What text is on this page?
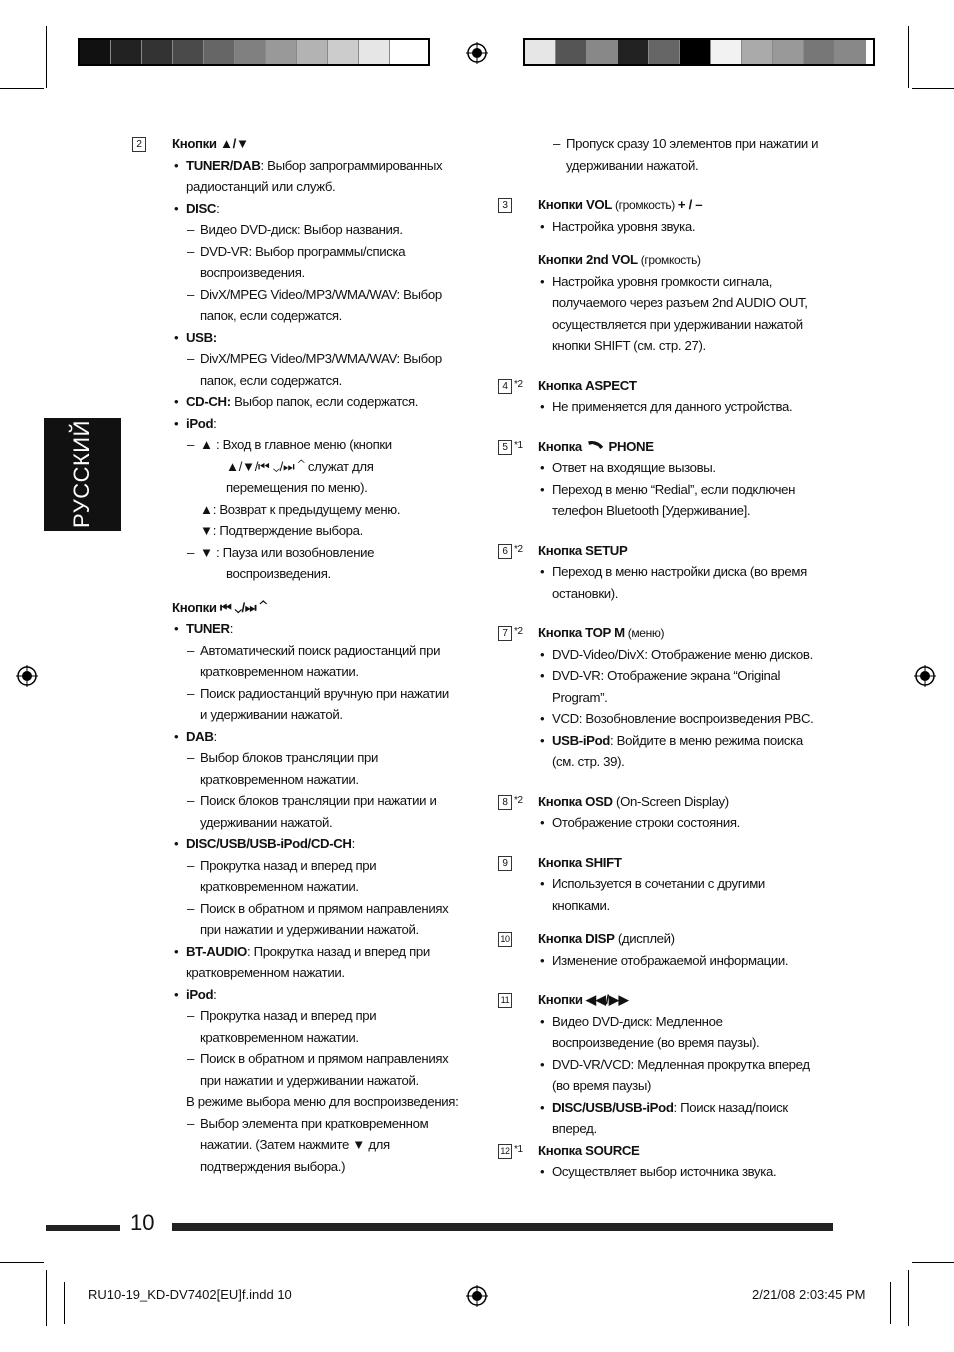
РУССКИЙ
2	Кнопки ▲/▼
• TUNER/DAB: Выбор запрограммированных
радиостанций или служб.
• DISC:
– Видео DVD-диск: Выбор названия.
– DVD-VR: Выбор программы/списка
воспроизведения.
– DivX/MPEG Video/MP3/WMA/WAV: Выбор
папок, если содержатся.
• USB:
– DivX/MPEG Video/MP3/WMA/WAV: Выбор
папок, если содержатся.
• CD-CH: Выбор папок, если содержатся.
• iPod:
– ▲ : Вход в главное меню (кнопки
▲/▼/⏮ ⌄/⏭ ⌃ служат для
перемещения по меню).
▲: Возврат к предыдущему меню.
▼: Подтверждение выбора.
– ▼ : Пауза или возобновление
воспроизведения.
Кнопки ⏮ ⌄/⏭ ⌃
• TUNER:
– Автоматический поиск радиостанций при
кратковременном нажатии.
– Поиск радиостанций вручную при нажатии
и удерживании нажатой.
• DAB:
– Выбор блоков трансляции при
кратковременном нажатии.
– Поиск блоков трансляции при нажатии и
удерживании нажатой.
• DISC/USB/USB-iPod/CD-CH:
– Прокрутка назад и вперед при
кратковременном нажатии.
– Поиск в обратном и прямом направлениях
при нажатии и удерживании нажатой.
• BT-AUDIO: Прокрутка назад и вперед при
кратковременном нажатии.
• iPod:
– Прокрутка назад и вперед при
кратковременном нажатии.
– Поиск в обратном и прямом направлениях
при нажатии и удерживании нажатой.
В режиме выбора меню для воспроизведения:
– Выбор элемента при кратковременном
нажатии. (Затем нажмите ▼ для
подтверждения выбора.)
– Пропуск сразу 10 элементов при нажатии и
удерживании нажатой.
3	Кнопки VOL (громкость) + / –
• Настройка уровня звука.
Кнопки 2nd VOL (громкость)
• Настройка уровня громкости сигнала,
получаемого через разъем 2nd AUDIO OUT,
осуществляется при удерживании нажатой
кнопки SHIFT (см. стр. 27).
4 *2 Кнопка ASPECT
• Не применяется для данного устройства.
5 *1 Кнопка  PHONE
• Ответ на входящие вызовы.
• Переход в меню “Redial”, если подключен
телефон Bluetooth [Удерживание].
6 *2 Кнопка SETUP
• Переход в меню настройки диска (во время
остановки).
7 *2 Кнопка TOP M (меню)
• DVD-Video/DivX: Отображение меню дисков.
• DVD-VR: Отображение экрана “Original
Program”.
• VCD: Возобновление воспроизведения PBC.
• USB-iPod: Войдите в меню режима поиска
(см. стр. 39).
8 *2 Кнопка OSD (On-Screen Display)
• Отображение строки состояния.
9	Кнопка SHIFT
• Используется в сочетании с другими
кнопками.
10 Кнопка DISP (дисплей)
• Изменение отображаемой информации.
11 Кнопки ◀◀/▶▶
• Видео DVD-диск: Медленное
воспроизведение (во время паузы).
• DVD-VR/VCD: Медленная прокрутка вперед
(во время паузы)
• DISC/USB/USB-iPod: Поиск назад/поиск
вперед.
12 *1 Кнопка SOURCE
• Осуществляет выбор источника звука.
10
RU10-19_KD-DV7402[EU]f.indd 10	2/21/08 2:03:45 PM
